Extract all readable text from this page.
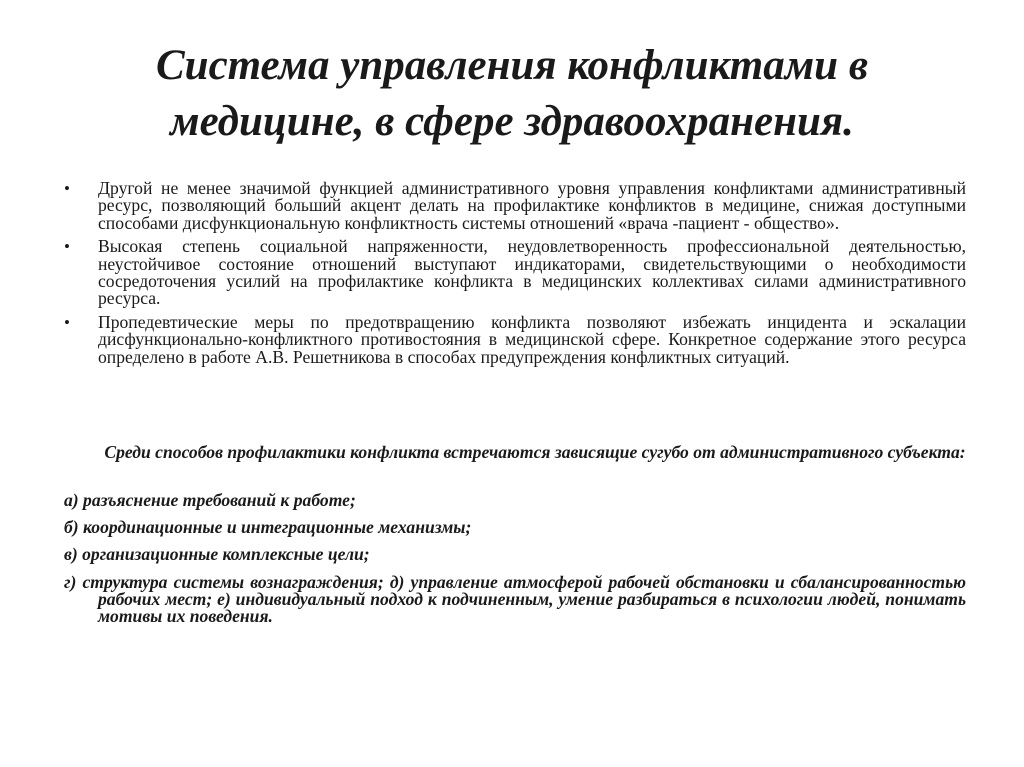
Система управления конфликтами в медицине, в сфере здравоохранения.
• Другой не менее значимой функцией административного уровня управления конфликтами административный ресурс, позволяющий больший акцент делать на профилактике конфликтов в медицине, снижая доступными способами дисфункциональную конфликтность системы отношений «врача -пациент - общество».
• Высокая степень социальной напряженности, неудовлетворенность профессиональной деятельностью, неустойчивое состояние отношений выступают индикаторами, свидетельствующими о необходимости сосредоточения усилий на профилактике конфликта в медицинских коллективах силами административного ресурса.
• Пропедевтические меры по предотвращению конфликта позволяют избежать инцидента и эскалации дисфункционально-конфликтного противостояния в медицинской сфере. Конкретное содержание этого ресурса определено в работе А.В. Решетникова в способах предупреждения конфликтных ситуаций.

Среди способов профилактики конфликта встречаются зависящие сугубо от административного субъекта:

а) разъяснение требований к работе;
б) координационные и интеграционные механизмы;
в) организационные комплексные цели;
г) структура системы вознаграждения; д) управление атмосферой рабочей обстановки и сбалансированностью рабочих мест; е) индивидуальный подход к подчиненным, умение разбираться в психологии людей, понимать мотивы их поведения.
